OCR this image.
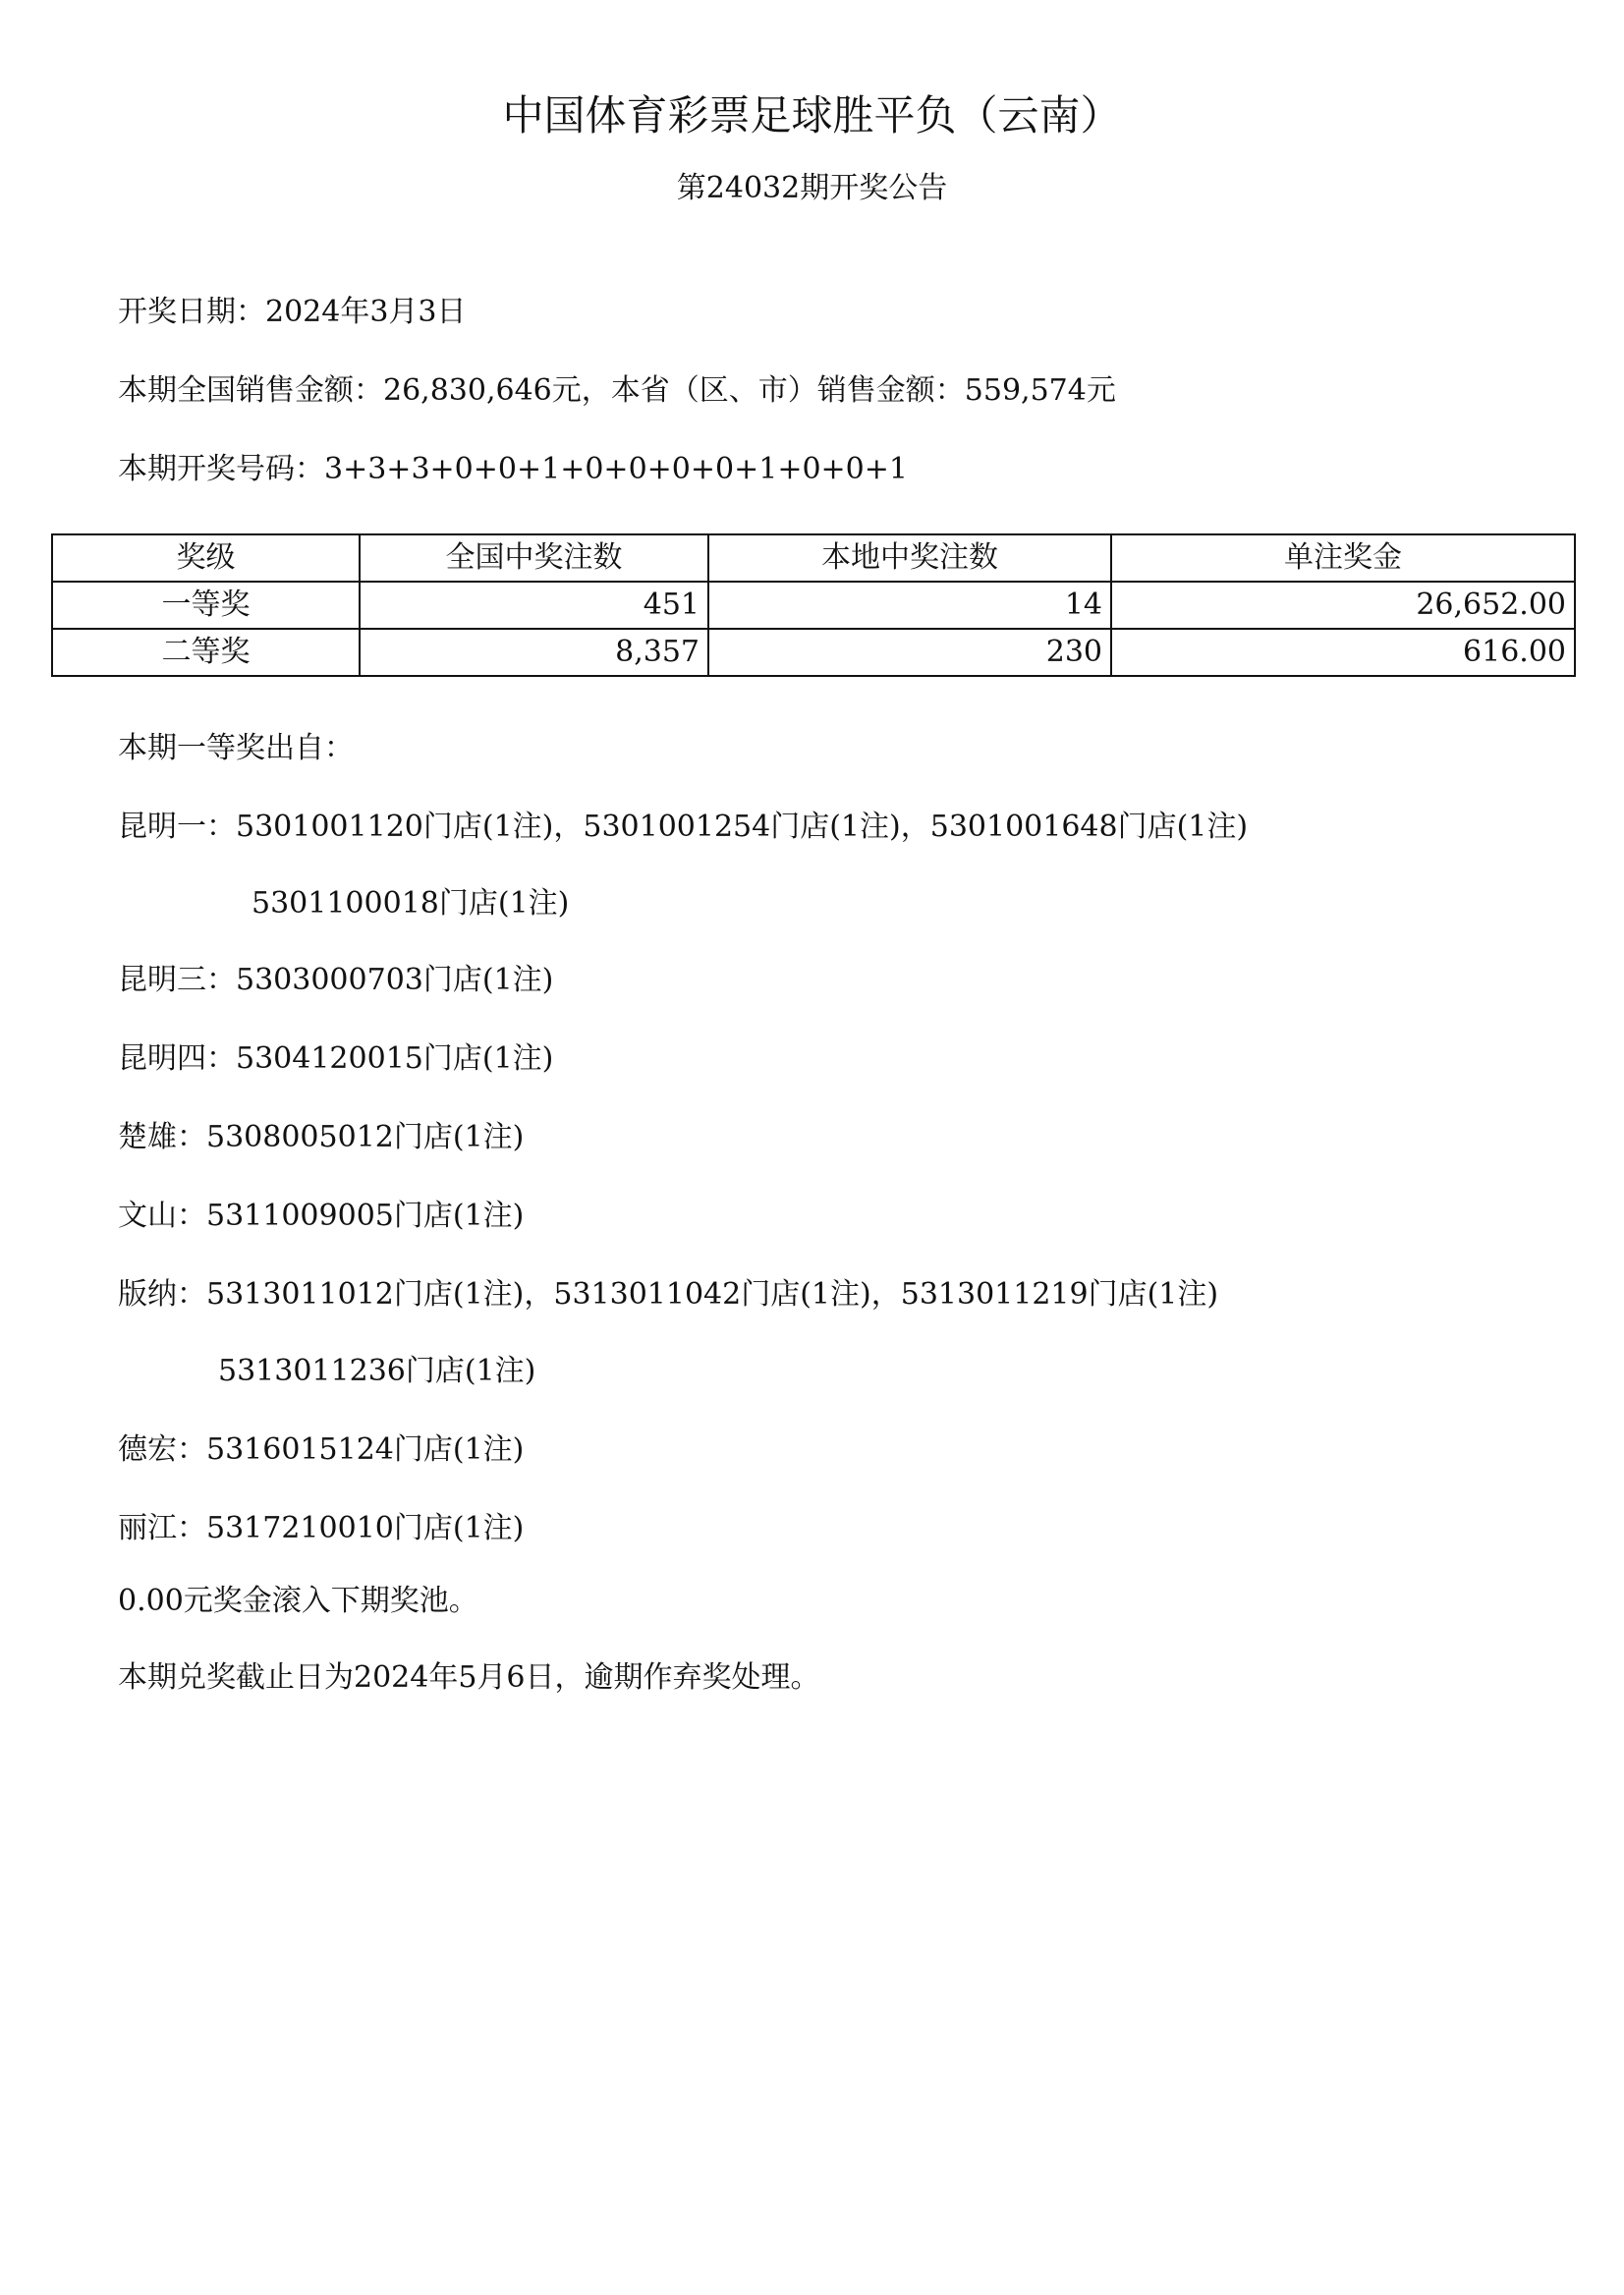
中国体育彩票足球胜平负（云南）
第24032期开奖公告
开奖日期：2024年3月3日
本期全国销售金额：26,830,646元，本省（区、市）销售金额：559,574元
本期开奖号码：3+3+3+0+0+1+0+0+0+0+1+0+0+1
奖级	全国中奖注数	本地中奖注数	单注奖金
一等奖	451	14	26,652.00
二等奖	8,357	230	616.00
本期一等奖出自：
昆明一：5301001120门店(1注)，5301001254门店(1注)，5301001648门店(1注)
5301100018门店(1注)
昆明三：5303000703门店(1注)
昆明四：5304120015门店(1注)
楚雄：5308005012门店(1注)
文山：5311009005门店(1注)
版纳：5313011012门店(1注)，5313011042门店(1注)，5313011219门店(1注)
5313011236门店(1注)
德宏：5316015124门店(1注)
丽江：5317210010门店(1注)
0.00元奖金滚入下期奖池。
本期兑奖截止日为2024年5月6日，逾期作弃奖处理。
